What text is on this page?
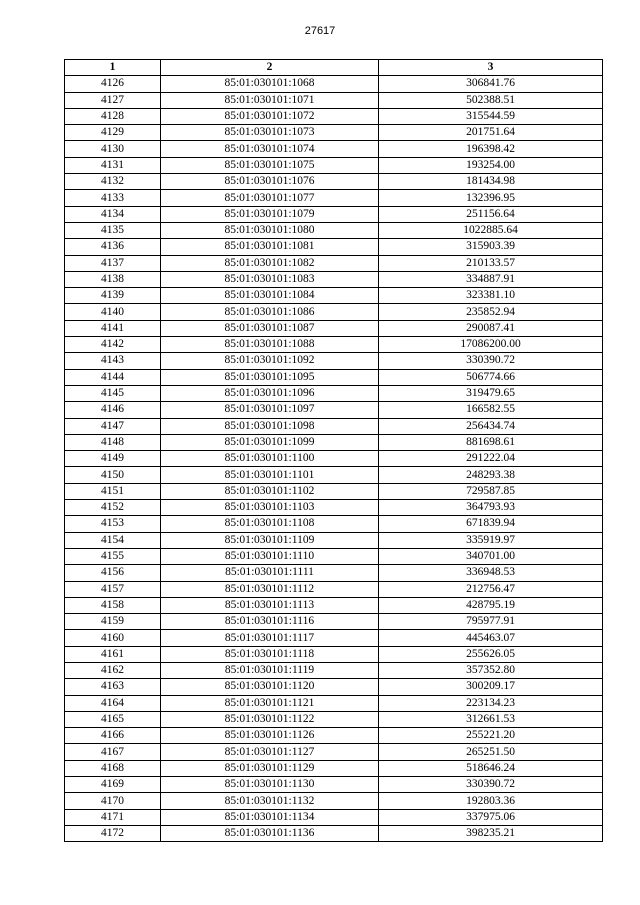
27617
1	2	3
4126	85:01:030101:1068	306841.76
4127	85:01:030101:1071	502388.51
4128	85:01:030101:1072	315544.59
4129	85:01:030101:1073	201751.64
4130	85:01:030101:1074	196398.42
4131	85:01:030101:1075	193254.00
4132	85:01:030101:1076	181434.98
4133	85:01:030101:1077	132396.95
4134	85:01:030101:1079	251156.64
4135	85:01:030101:1080	1022885.64
4136	85:01:030101:1081	315903.39
4137	85:01:030101:1082	210133.57
4138	85:01:030101:1083	334887.91
4139	85:01:030101:1084	323381.10
4140	85:01:030101:1086	235852.94
4141	85:01:030101:1087	290087.41
4142	85:01:030101:1088	17086200.00
4143	85:01:030101:1092	330390.72
4144	85:01:030101:1095	506774.66
4145	85:01:030101:1096	319479.65
4146	85:01:030101:1097	166582.55
4147	85:01:030101:1098	256434.74
4148	85:01:030101:1099	881698.61
4149	85:01:030101:1100	291222.04
4150	85:01:030101:1101	248293.38
4151	85:01:030101:1102	729587.85
4152	85:01:030101:1103	364793.93
4153	85:01:030101:1108	671839.94
4154	85:01:030101:1109	335919.97
4155	85:01:030101:1110	340701.00
4156	85:01:030101:1111	336948.53
4157	85:01:030101:1112	212756.47
4158	85:01:030101:1113	428795.19
4159	85:01:030101:1116	795977.91
4160	85:01:030101:1117	445463.07
4161	85:01:030101:1118	255626.05
4162	85:01:030101:1119	357352.80
4163	85:01:030101:1120	300209.17
4164	85:01:030101:1121	223134.23
4165	85:01:030101:1122	312661.53
4166	85:01:030101:1126	255221.20
4167	85:01:030101:1127	265251.50
4168	85:01:030101:1129	518646.24
4169	85:01:030101:1130	330390.72
4170	85:01:030101:1132	192803.36
4171	85:01:030101:1134	337975.06
4172	85:01:030101:1136	398235.21
